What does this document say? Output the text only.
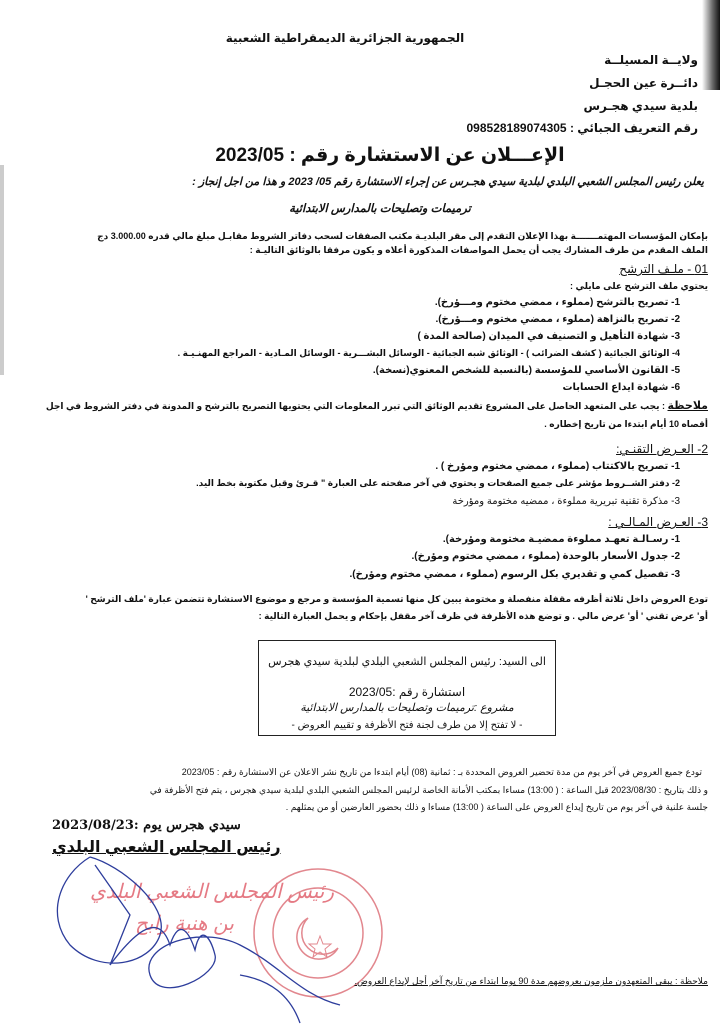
الجمهورية الجزائرية الديمقراطية الشعبية
ولايــة المسيلــة
دائــرة عين الحجـل
بلدية سيدي هجـرس
رقم التعريف الجبائي : 098528189074305
الإعـــلان عن الاستشارة رقم : 2023/05
يعلن رئيس المجلس الشعبي البلدي لبلدية سيدي هجـرس عن إجراء الاستشارة رقم 05/ 2023 و هذا من اجل إنجاز :
ترميمات وتصليحات بالمدارس الابتدائية
بإمكان المؤسسات المهتمـــــــة بهذا الإعلان التقدم إلى مقر البلديـة مكتب الصفقات لسحب دفاتر الشروط مقابـل مبلغ مالي قدره 3.000.00 دج
الملف المقدم من طرف المشارك يجب أن يحمل المواصفات المذكورة أعلاه و يكون مرفقا بالوثائق التاليـة :
01 - ملـف الترشح
يحتوي ملف الترشح على مايلي :
1- تصريح بالترشح (مملوء ، ممضي مختوم ومـــؤرخ).
2- تصريح بالنزاهة (مملوء ، ممضي مختوم ومـــؤرخ).
3- شهادة التأهيل و التصنيف في الميدان (صالحة المدة )
4- الوثائق الجبائية ( كشف الضرائب ) - الوثائق شبه الجبائية - الوسائل البشـــرية - الوسائل المـادية - المراجع المهنـيـة .
5- القانون الأساسي للمؤسسة (بالنسبة للشخص المعنوي(نسخة).
6- شهادة ايداع الحسابات
ملاحظة : يجب على المتعهد الحاصل على المشروع تقديم الوثائق التي تبرر المعلومات التي يحتويها التصريح بالترشح و المدونة في دفتر الشروط في اجل
أقصاه 10 أيام ابتدءا من تاريخ إخطاره .
2- العـرض التقنـي:
1- تصريح بالاكتتاب (مملوء ، ممضي مختوم ومؤرخ ) .
2- دفتر الشــروط مؤشر على جميع الصفحات و يحتوي في آخر صفحته على العبارة " قـرئ وقبل مكتوبة بخط اليد.
3- مذكرة تقنية تبريرية مملوءة ، ممضيه مختومة ومؤرخة
3- العـرض المـالـي :
1- رسـالـة تعهـد مملوءة ممضيـة مختومة ومؤرخة).
2- جدول الأسعار بالوحدة (مملوء ، ممضي مختوم ومؤرخ).
3- تفصيل كمي و تقديري بكل الرسوم (مملوء ، ممضي مختوم ومؤرخ).
تودع العروض داخل ثلاثة أظرفه مقفلة منفصلة و مختومة يبين كل منها تسمية المؤسسة و مرجع و موضوع الاستشارة تتضمن عبارة 'ملف الترشح '
أو' عرض تقني ' أو' عرض مالي . و توضع هذه الأظرفة في ظرف آخر مقفل بإحكام و يحمل العبارة التالية :
الى السيد: رئيس المجلس الشعبي البلدي لبلدية سيدي هجرس
استشارة رقم :2023/05
مشروع :ترميمات وتصليحات بالمدارس الابتدائية
- لا تفتح إلا من طرف لجنة فتح الأظرفة و تقييم العروض -
تودع جميع العروض في آخر يوم من مدة تحضير العروض المحددة بـ : ثمانية (08) أيام ابتدءا من تاريخ نشر الاعلان عن الاستشارة رقم : 2023/05
و ذلك بتاريخ : 2023/08/30 قبل الساعة : ( 13:00) مساءا بمكتب الأمانة الخاصة لرئيس المجلس الشعبي البلدي لبلدية سيدي هجرس ، يتم فتح الأظرفة في
جلسة علنية في آخر يوم من تاريخ إيداع العروض على الساعة ( 13:00) مساءا و ذلك بحضور العارضين أو من يمثلهم .
سيدي هجرس يوم :2023/08/23
رئيس المجلس الشعبي البلدي
رئيس المجلس الشعبي البلدي
بن هنية رابح
ملاحظة : يبقى المتعهدون ملزمون بعروضهم مدة 90 يوما ابتداء من تاريخ آخر أجل لإيداع العروض.
